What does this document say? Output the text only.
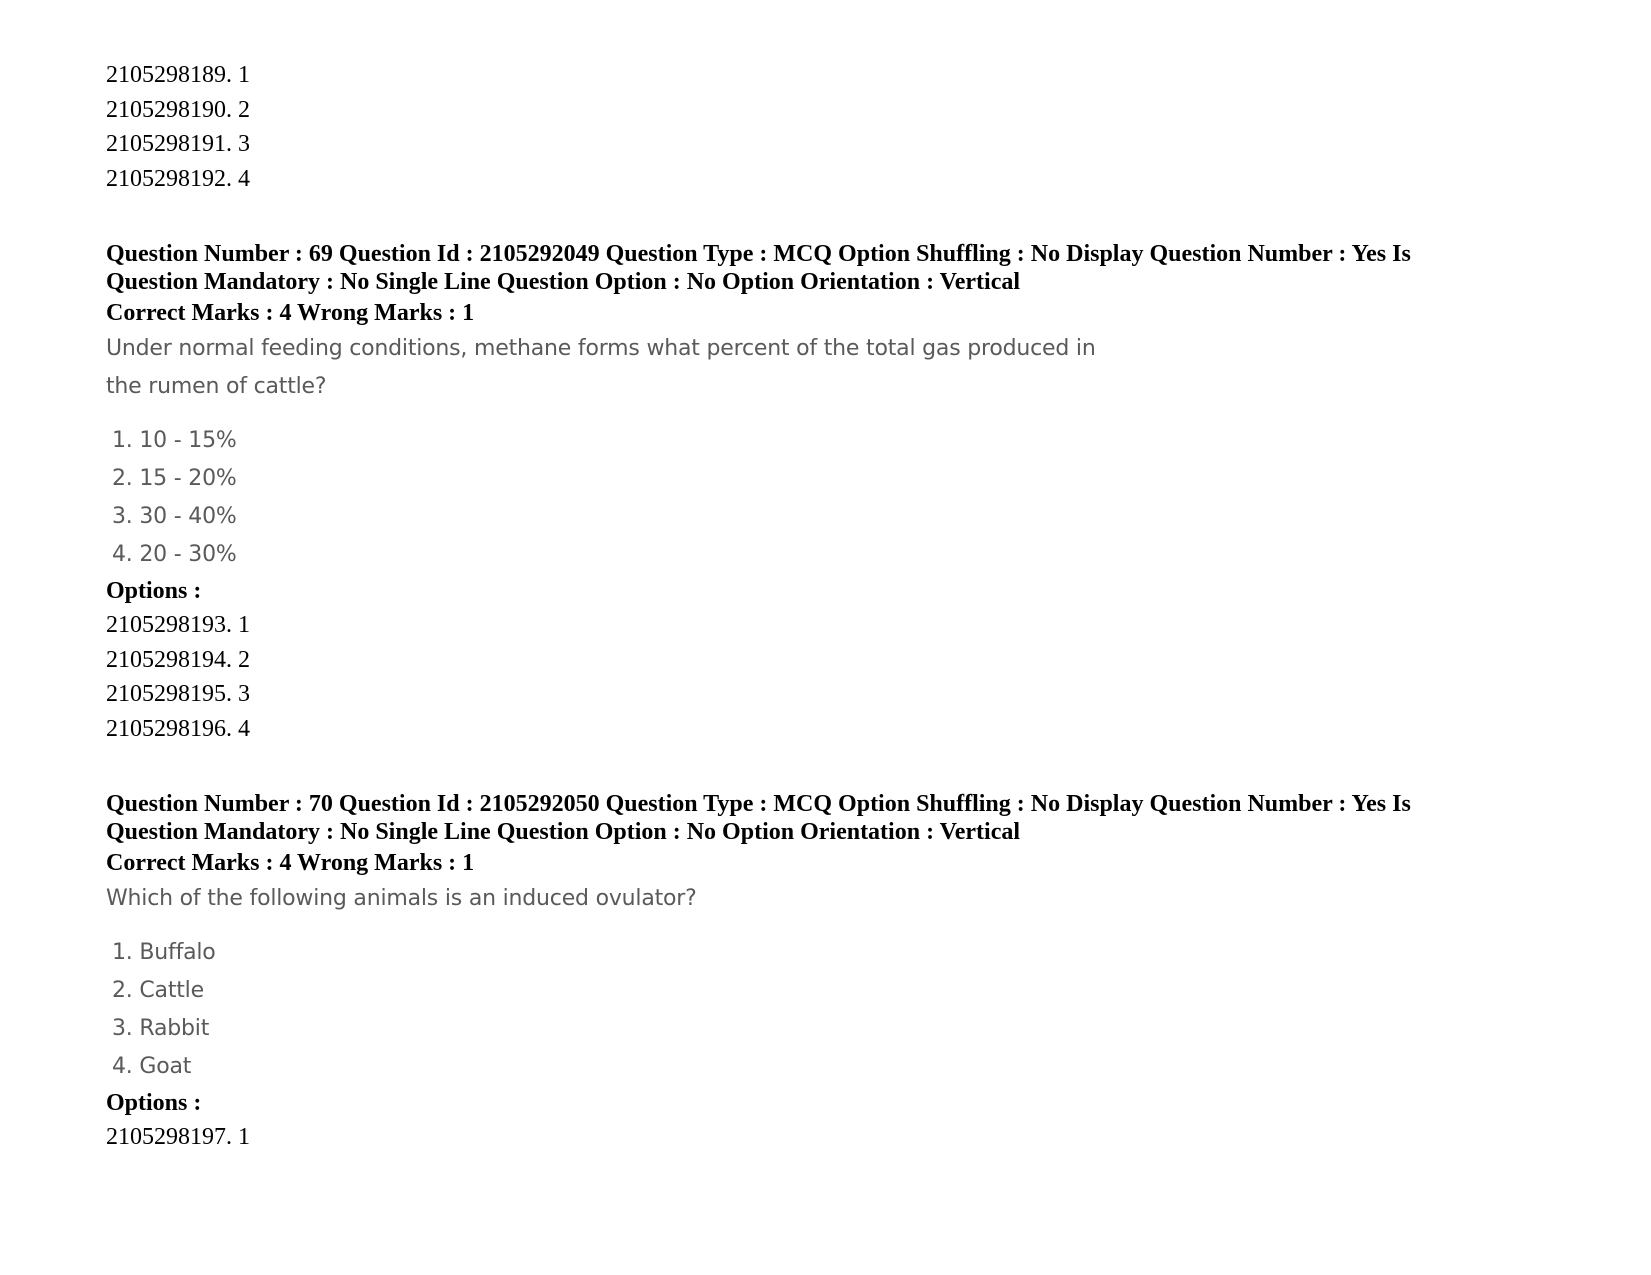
2105298189. 1
2105298190. 2
2105298191. 3
2105298192. 4
Question Number : 69 Question Id : 2105292049 Question Type : MCQ Option Shuffling : No Display Question Number : Yes Is
Question Mandatory : No Single Line Question Option : No Option Orientation : Vertical
Correct Marks : 4 Wrong Marks : 1
Under normal feeding conditions, methane forms what percent of the total gas produced in
the rumen of cattle?
1. 10 - 15%
2. 15 - 20%
3. 30 - 40%
4. 20 - 30%
Options :
2105298193. 1
2105298194. 2
2105298195. 3
2105298196. 4
Question Number : 70 Question Id : 2105292050 Question Type : MCQ Option Shuffling : No Display Question Number : Yes Is
Question Mandatory : No Single Line Question Option : No Option Orientation : Vertical
Correct Marks : 4 Wrong Marks : 1
Which of the following animals is an induced ovulator?
1. Buffalo
2. Cattle
3. Rabbit
4. Goat
Options :
2105298197. 1
